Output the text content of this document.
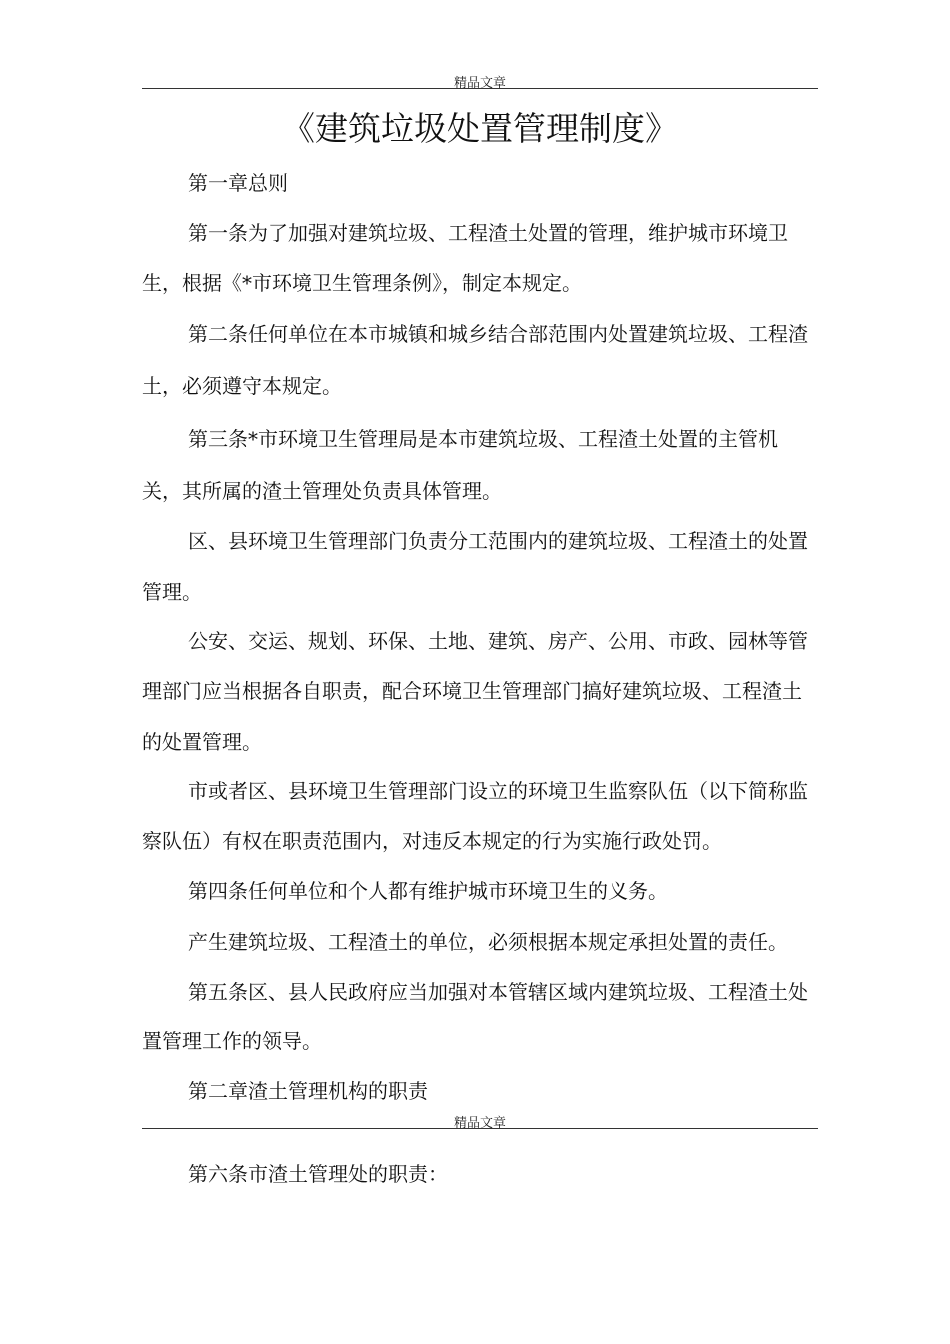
精品文章
《建筑垃圾处置管理制度》
第一章总则
第一条为了加强对建筑垃圾、工程渣土处置的管理，维护城市环境卫
生，根据《*市环境卫生管理条例》，制定本规定。
第二条任何单位在本市城镇和城乡结合部范围内处置建筑垃圾、工程渣
土，必须遵守本规定。
第三条*市环境卫生管理局是本市建筑垃圾、工程渣土处置的主管机
关，其所属的渣土管理处负责具体管理。
区、县环境卫生管理部门负责分工范围内的建筑垃圾、工程渣土的处置
管理。
公安、交运、规划、环保、土地、建筑、房产、公用、市政、园林等管
理部门应当根据各自职责，配合环境卫生管理部门搞好建筑垃圾、工程渣土
的处置管理。
市或者区、县环境卫生管理部门设立的环境卫生监察队伍（以下简称监
察队伍）有权在职责范围内，对违反本规定的行为实施行政处罚。
第四条任何单位和个人都有维护城市环境卫生的义务。
产生建筑垃圾、工程渣土的单位，必须根据本规定承担处置的责任。
第五条区、县人民政府应当加强对本管辖区域内建筑垃圾、工程渣土处
置管理工作的领导。
第二章渣土管理机构的职责
精品文章
第六条市渣土管理处的职责：
